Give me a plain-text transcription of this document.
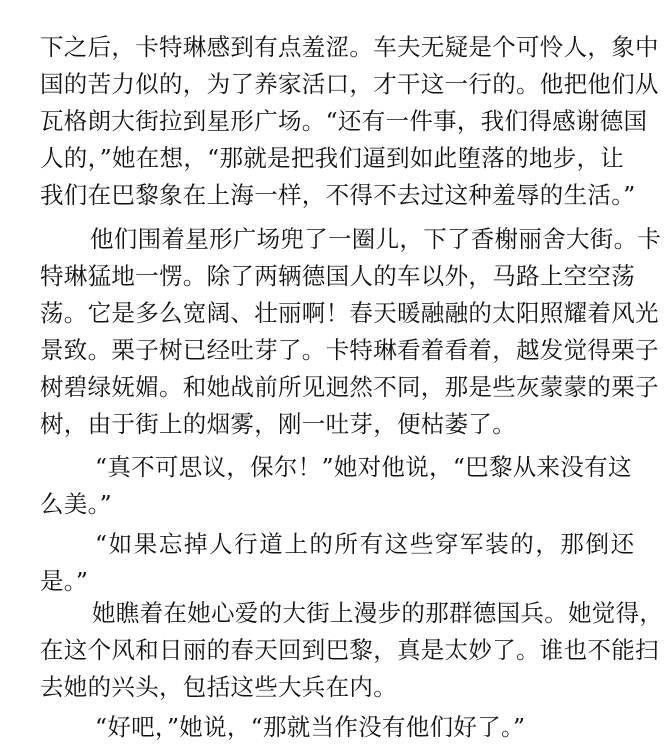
下之后，卡特琳感到有点羞涩。车夫无疑是个可怜人，象中
国的苦力似的，为了养家活口，才干这一行的。他把他们从
瓦格朗大街拉到星形广场。“还有一件事，我们得感谢德国
人的，”她在想，“那就是把我们逼到如此堕落的地步，让
我们在巴黎象在上海一样，不得不去过这种羞辱的生活。”
他们围着星形广场兜了一圈儿，下了香榭丽舍大街。卡
特琳猛地一愣。除了两辆德国人的车以外，马路上空空荡
荡。它是多么宽阔、壮丽啊！春天暖融融的太阳照耀着风光
景致。栗子树已经吐芽了。卡特琳看着看着，越发觉得栗子
树碧绿妩媚。和她战前所见迥然不同，那是些灰蒙蒙的栗子
树，由于街上的烟雾，刚一吐芽，便枯萎了。
“真不可思议，保尔！”她对他说，“巴黎从来没有这
么美。”
“如果忘掉人行道上的所有这些穿军装的，那倒还
是。”
她瞧着在她心爱的大街上漫步的那群德国兵。她觉得，
在这个风和日丽的春天回到巴黎，真是太妙了。谁也不能扫
去她的兴头，包括这些大兵在内。
“好吧，”她说，“那就当作没有他们好了。”
